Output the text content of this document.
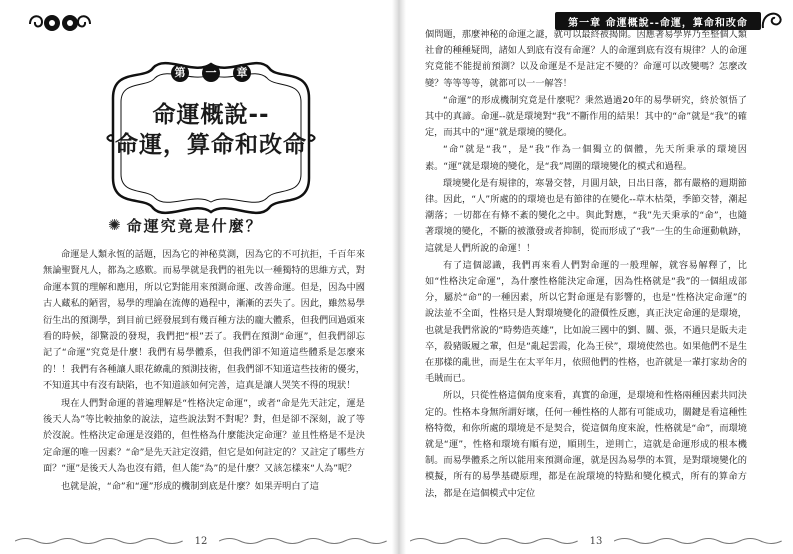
第	一	章
命運概說--
命運，算命和改命
✺ 命運究竟是什麼？

命運是人類永恆的話題，因為它的神秘莫測，因為它的不可抗拒，千百年來無論聖賢凡人，都為之感歎。而易學就是我們的祖先以一種獨特的思維方式，對命運本質的理解和應用，所以它對能用來預測命運、改善命運。但是，因為中國古人藏私的陋習，易學的理論在流傳的過程中，漸漸的丟失了。因此，雖然易學衍生出的預測學，到目前已經發展到有幾百種方法的龐大體系，但我們回過頭來看的時候，卻驚設的發現，我們把“根”丟了。我們在預測“命運”，但我們卻忘記了“命運”究竟是什麼！我們有易學體系，但我們卻不知道這些體系是怎麼來的！！我們有各種讓人眼花繚亂的預測技術，但我們卻不知道這些技術的優劣，不知道其中有沒有缺陷，也不知道該如何完善，這真是讓人哭笑不得的現狀！

現在人們對命運的普遍理解是“性格決定命運”，或者“命是先天註定，運是後天人為”等比較抽象的說法，這些說法對不對呢？對，但是卻不深刻，說了等於沒說。性格決定命運是沒錯的，但性格為什麼能決定命運？並且性格是不是決定命運的唯一因素？“命”是先天註定沒錯，但它是如何註定的？又註定了哪些方面？“運”是後天人為也沒有錯，但人能“為”的是什麼？又該怎樣來“人為”呢？

也就是說，“命”和“運”形成的機制到底是什麼？如果弄明白了這

12
第一章 命運概說--命運，算命和改命

個問題，那麼神秘的命運之謎，就可以最終被揭開。因應著易學界乃至整個人類社會的種種疑問，諸如人到底有沒有命運？人的命運到底有沒有規律？人的命運究竟能不能提前預測？以及命運是不是註定不變的？命運可以改變嗎？怎麼改變？等等等等，就都可以一一解答！

“命運”的形成機制究竟是什麼呢？秉然過過20年的易學研究，終於領悟了其中的真諦。命運--就是環境對“我”不斷作用的結果！其中的“命”就是“我”的確定，而其中的“運”就是環境的變化。

“命”就是“我”，是“我”作為一個獨立的個體，先天所秉承的環境因素。“運”就是環境的變化，是“我”周圍的環境變化的模式和過程。

環境變化是有規律的，寒暑交替，月圓月缺，日出日落，都有嚴格的週期節律。因此，“人”所處的的環境也是有節律的在變化--草木枯榮，季節交替，潮起潮落；一切都在有條不紊的變化之中。與此對應，“我”先天秉承的“命”，也隨著環境的變化，不斷的被激發或者抑制，從而形成了“我”一生的生命運動軌跡，這就是人們所說的命運！！

有了這個認識，我們再來看人們對命運的一般理解，就容易解釋了，比如“性格決定命運”，為什麼性格能決定命運，因為性格就是“我”的一個組成部分，屬於“命”的一種因素，所以它對命運是有影響的，也是“性格決定命運”的說法並不全面，性格只是人對環境變化的證價性反應，真正決定命運的是環境，也就是我們常說的“時勢造英雄”，比如說三國中的劉、關、張，不過只是販夫走卒，殺豬販履之輩，但是“亂起雲霞，化為王侯”，環境使然也。如果他們不是生在那樣的亂世，而是生在太平年月，依照他們的性格，也許就是一輩打家劫舍的毛賊而已。

所以，只從性格這個角度來看，真實的命運，是環境和性格兩種因素共同決定的。性格本身無所謂好壞，任何一種性格的人都有可能成功，關鍵是看這種性格特徵，和你所處的環境是不是契合，從這個角度來說，性格就是“命”，而環境就是“運”，性格和環境有順有逆，順則生，逆則亡，這就是命運形成的根本機制。而易學體系之所以能用來預測命運，就是因為易學的本質，是對環境變化的模擬，所有的易學基礎原理，都是在說環境的特點和變化模式，所有的算命方法，都是在這個模式中定位

13
